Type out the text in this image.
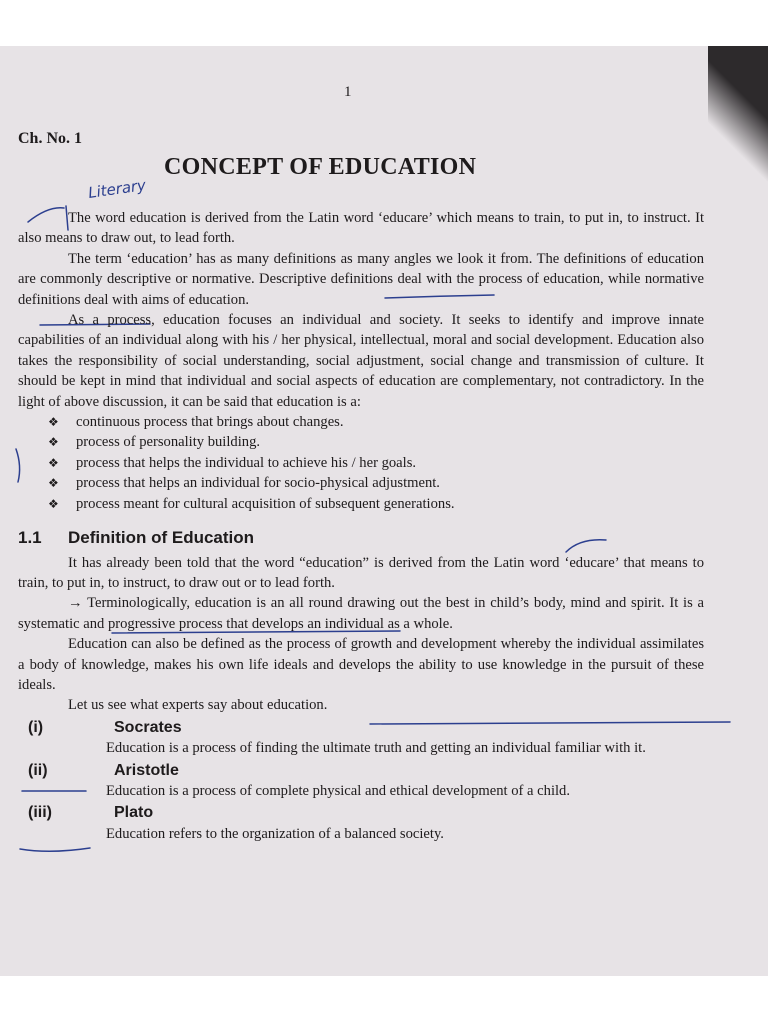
1
Ch. No. 1
CONCEPT OF EDUCATION
Literary

The word education is derived from the Latin word ‘educare’ which means to train, to put in, to instruct. It also means to draw out, to lead forth.

The term ‘education’ has as many definitions as many angles we look it from. The definitions of education are commonly descriptive or normative. Descriptive definitions deal with the process of education, while normative definitions deal with aims of education.

As a process, education focuses an individual and society. It seeks to identify and improve innate capabilities of an individual along with his / her physical, intellectual, moral and social development. Education also takes the responsibility of social understanding, social adjustment, social change and transmission of culture. It should be kept in mind that individual and social aspects of education are complementary, not contradictory. In the light of above discussion, it can be said that education is a:

❖	continuous process that brings about changes.
❖	process of personality building.
❖	process that helps the individual to achieve his / her goals.
❖	process that helps an individual for socio-physical adjustment.
❖	process meant for cultural acquisition of subsequent generations.
1.1	Definition of Education

It has already been told that the word “education” is derived from the Latin word ‘educare’ that means to train, to put in, to instruct, to draw out or to lead forth.

→ Terminologically, education is an all round drawing out the best in child’s body, mind and spirit. It is a systematic and progressive process that develops an individual as a whole.

Education can also be defined as the process of growth and development whereby the individual assimilates a body of knowledge, makes his own life ideals and develops the ability to use knowledge in the pursuit of these ideals.

Let us see what experts say about education.

(i)	Socrates

Education is a process of finding the ultimate truth and getting an individual familiar with it.

(ii)	Aristotle

Education is a process of complete physical and ethical development of a child.

(iii)	Plato

Education refers to the organization of a balanced society.
